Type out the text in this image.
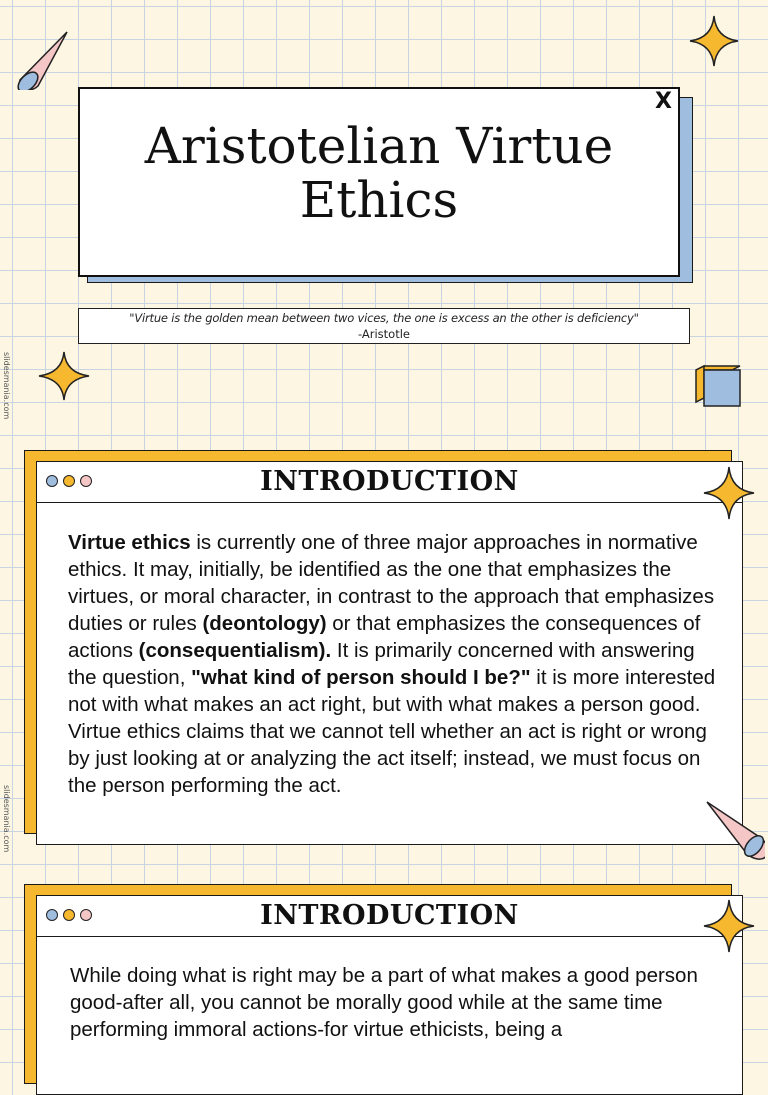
Aristotelian Virtue Ethics
X
"Virtue is the golden mean between two vices, the one is excess an the other is deficiency"
-Aristotle
slidesmania.com
slidesmania.com
INTRODUCTION
Virtue ethics is currently one of three major approaches in normative ethics. It may, initially, be identified as the one that emphasizes the virtues, or moral character, in contrast to the approach that emphasizes duties or rules (deontology) or that emphasizes the consequences of actions (consequentialism). It is primarily concerned with answering the question, "what kind of person should I be?" it is more interested not with what makes an act right, but with what makes a person good. Virtue ethics claims that we cannot tell whether an act is right or wrong by just looking at or analyzing the act itself; instead, we must focus on the person performing the act.
INTRODUCTION
While doing what is right may be a part of what makes a good person good-after all, you cannot be morally good while at the same time performing immoral actions-for virtue ethicists, being a
